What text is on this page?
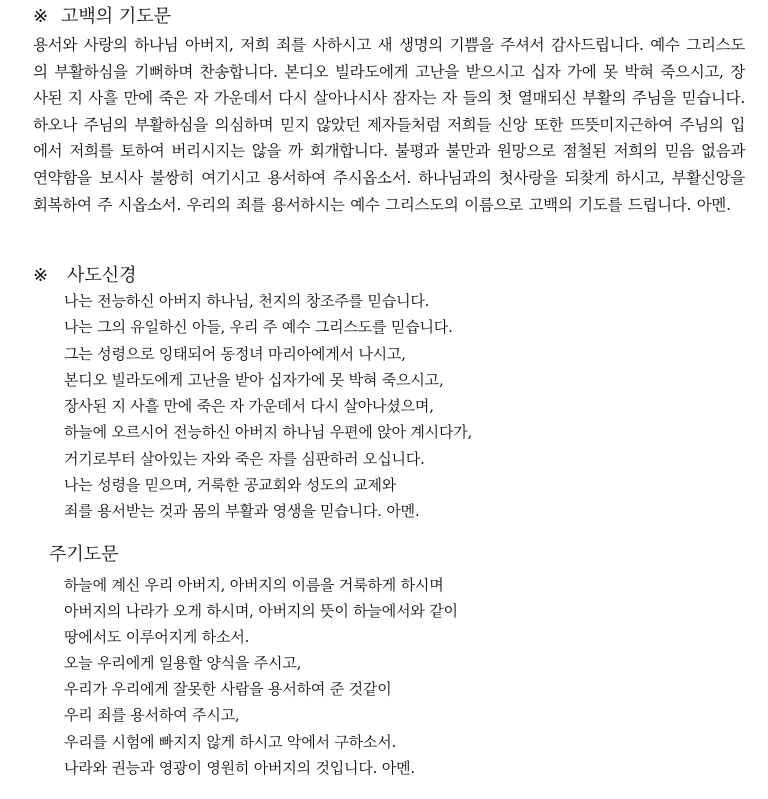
※ 고백의 기도문

용서와 사랑의 하나님 아버지, 저희 죄를 사하시고 새 생명의 기쁨을 주셔서 감사드립니다. 예수 그리스도의 부활하심을 기뻐하며 찬송합니다. 본디오 빌라도에게 고난을 받으시고 십자 가에 못 박혀 죽으시고, 장사된 지 사흘 만에 죽은 자 가운데서 다시 살아나시사 잠자는 자 들의 첫 열매되신 부활의 주님을 믿습니다. 하오나 주님의 부활하심을 의심하며 믿지 않았던 제자들처럼 저희들 신앙 또한 뜨뜻미지근하여 주님의 입에서 저희를 토하여 버리시지는 않을 까 회개합니다. 불평과 불만과 원망으로 점철된 저희의 믿음 없음과 연약함을 보시사 불쌍히 여기시고 용서하여 주시옵소서. 하나님과의 첫사랑을 되찾게 하시고, 부활신앙을 회복하여 주 시옵소서. 우리의 죄를 용서하시는 예수 그리스도의 이름으로 고백의 기도를 드립니다. 아멘.

※ 사도신경
나는 전능하신 아버지 하나님, 천지의 창조주를 믿습니다.
나는 그의 유일하신 아들, 우리 주 예수 그리스도를 믿습니다.
그는 성령으로 잉태되어 동정녀 마리아에게서 나시고,
본디오 빌라도에게 고난을 받아 십자가에 못 박혀 죽으시고,
장사된 지 사흘 만에 죽은 자 가운데서 다시 살아나셨으며,
하늘에 오르시어 전능하신 아버지 하나님 우편에 앉아 계시다가,
거기로부터 살아있는 자와 죽은 자를 심판하러 오십니다.
나는 성령을 믿으며, 거룩한 공교회와 성도의 교제와
죄를 용서받는 것과 몸의 부활과 영생을 믿습니다. 아멘.
주기도문
하늘에 계신 우리 아버지, 아버지의 이름을 거룩하게 하시며
아버지의 나라가 오게 하시며, 아버지의 뜻이 하늘에서와 같이
땅에서도 이루어지게 하소서.
오늘 우리에게 일용할 양식을 주시고,
우리가 우리에게 잘못한 사람을 용서하여 준 것같이
우리 죄를 용서하여 주시고,
우리를 시험에 빠지지 않게 하시고 악에서 구하소서.
나라와 권능과 영광이 영원히 아버지의 것입니다. 아멘.
